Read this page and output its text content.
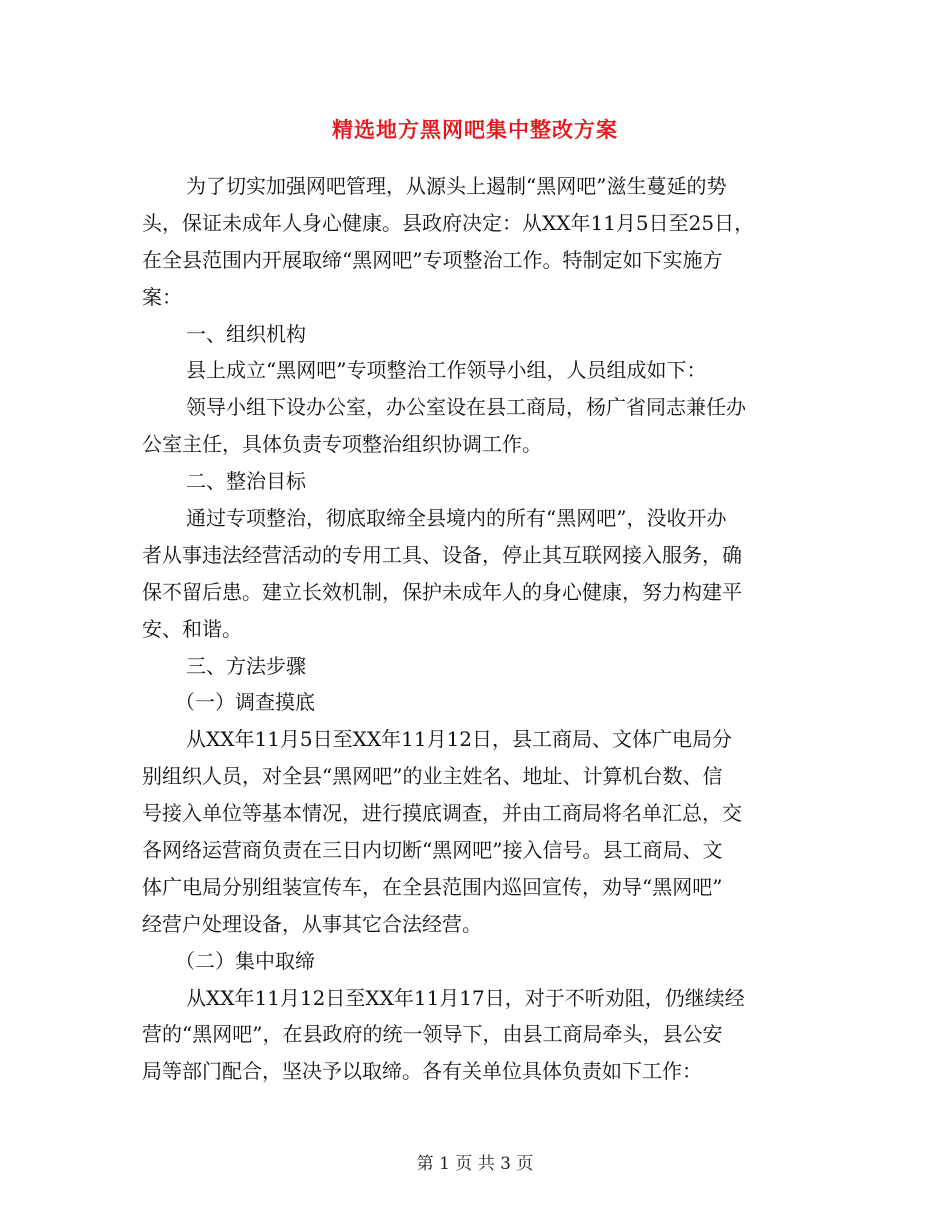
精选地方黑网吧集中整改方案
为了切实加强网吧管理，从源头上遏制“黑网吧”滋生蔓延的势
头，保证未成年人身心健康。县政府决定：从XX年11月5日至25日，
在全县范围内开展取缔“黑网吧”专项整治工作。特制定如下实施方
案：
一、组织机构
县上成立“黑网吧”专项整治工作领导小组，人员组成如下：
领导小组下设办公室，办公室设在县工商局，杨广省同志兼任办
公室主任，具体负责专项整治组织协调工作。
二、整治目标
通过专项整治，彻底取缔全县境内的所有“黑网吧”，没收开办
者从事违法经营活动的专用工具、设备，停止其互联网接入服务，确
保不留后患。建立长效机制，保护未成年人的身心健康，努力构建平
安、和谐。
三、方法步骤
（一）调查摸底
从XX年11月5日至XX年11月12日，县工商局、文体广电局分
别组织人员，对全县“黑网吧”的业主姓名、地址、计算机台数、信
号接入单位等基本情况，进行摸底调查，并由工商局将名单汇总，交
各网络运营商负责在三日内切断“黑网吧”接入信号。县工商局、文
体广电局分别组装宣传车，在全县范围内巡回宣传，劝导“黑网吧”
经营户处理设备，从事其它合法经营。
（二）集中取缔
从XX年11月12日至XX年11月17日，对于不听劝阻，仍继续经
营的“黑网吧”，在县政府的统一领导下，由县工商局牵头，县公安
局等部门配合，坚决予以取缔。各有关单位具体负责如下工作：
第 1 页 共 3 页
